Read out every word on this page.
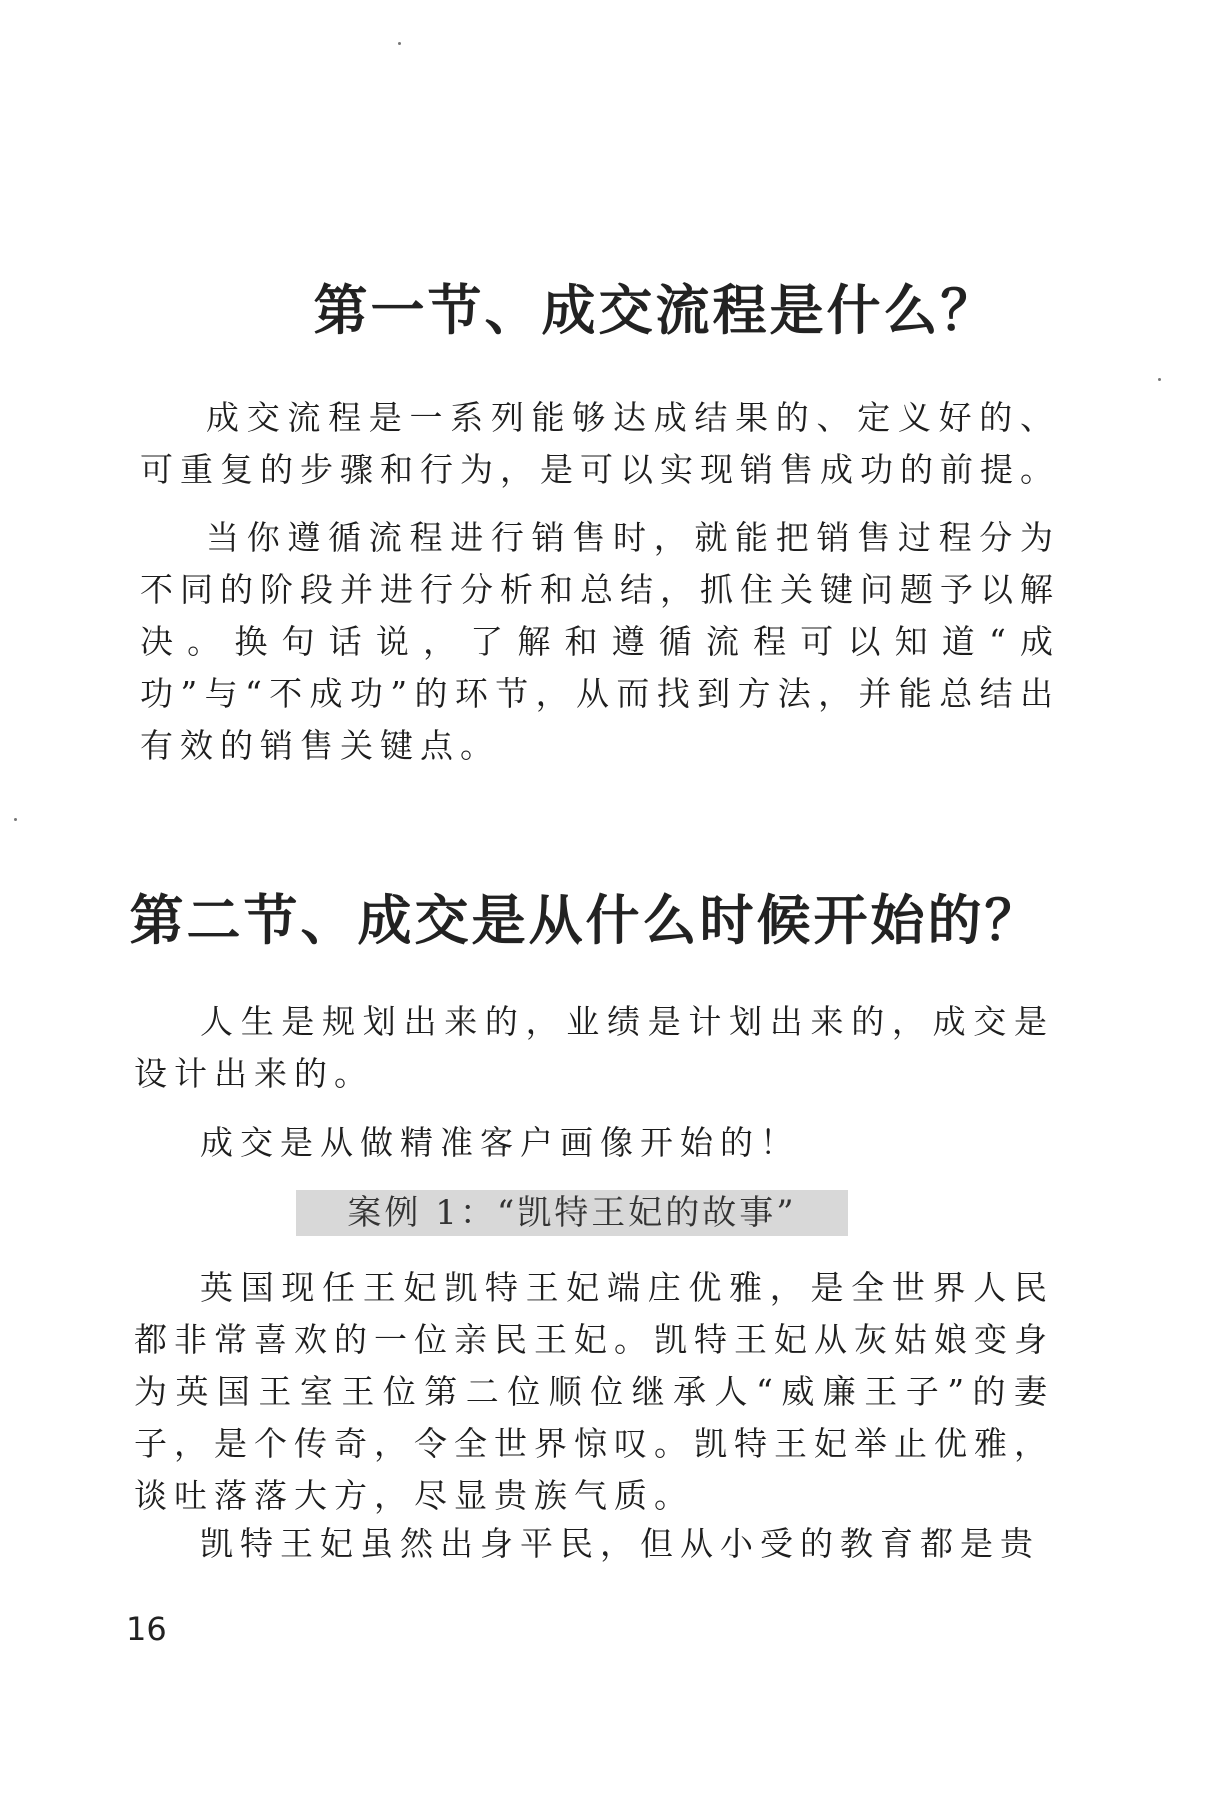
第一节、成交流程是什么？

成交流程是一系列能够达成结果的、定义好的、可重复的步骤和行为，是可以实现销售成功的前提。

当你遵循流程进行销售时，就能把销售过程分为不同的阶段并进行分析和总结，抓住关键问题予以解决。换句话说，了解和遵循流程可以知道“成功”与“不成功”的环节，从而找到方法，并能总结出有效的销售关键点。

第二节、成交是从什么时候开始的？

人生是规划出来的，业绩是计划出来的，成交是设计出来的。

成交是从做精准客户画像开始的！

案例 1：“凯特王妃的故事”

英国现任王妃凯特王妃端庄优雅，是全世界人民都非常喜欢的一位亲民王妃。凯特王妃从灰姑娘变身为英国王室王位第二位顺位继承人“威廉王子”的妻子，是个传奇，令全世界惊叹。凯特王妃举止优雅，谈吐落落大方，尽显贵族气质。

凯特王妃虽然出身平民，但从小受的教育都是贵

16
